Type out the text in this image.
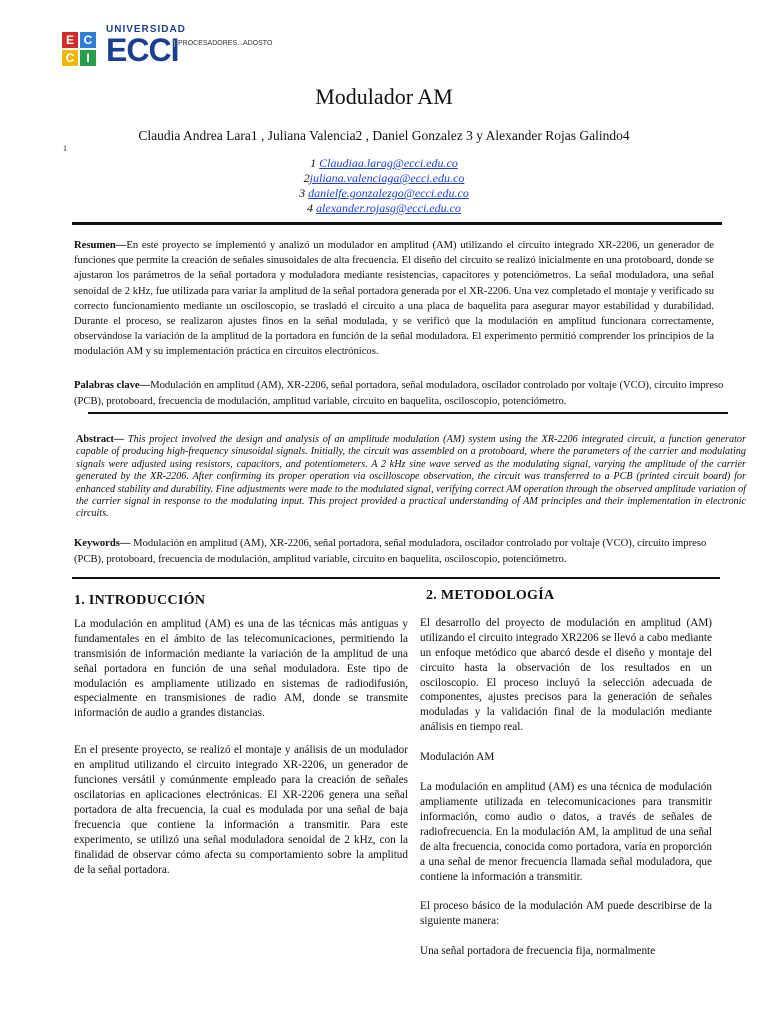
E C
C	I
UNIVERSIDAD
ECCI PROCESADORES...ADOSTO
Modulador AM
Claudia Andrea Lara1 , Juliana Valencia2 , Daniel Gonzalez 3 y Alexander Rojas Galindo4
1
1 Claudiaa.larag@ecci.edu.co
2juliana.valenciaga@ecci.edu.co
3 danielfe.gonzalezgo@ecci.edu.co
4 alexander.rojasg@ecci.edu.co
Resumen—En este proyecto se implementó y analizó un modulador en amplitud (AM) utilizando el circuito integrado XR-2206, un generador de funciones que permite la creación de señales sinusoidales de alta frecuencia. El diseño del circuito se realizó inicialmente en una protoboard, donde se ajustaron los parámetros de la señal portadora y moduladora mediante resistencias, capacitores y potenciómetros. La señal moduladora, una señal senoidal de 2 kHz, fue utilizada para variar la amplitud de la señal portadora generada por el XR-2206. Una vez completado el montaje y verificado su correcto funcionamiento mediante un osciloscopio, se trasladó el circuito a una placa de baquelita para asegurar mayor estabilidad y durabilidad. Durante el proceso, se realizaron ajustes finos en la señal modulada, y se verificó que la modulación en amplitud funcionara correctamente, observándose la variación de la amplitud de la portadora en función de la señal moduladora. El experimento permitió comprender los principios de la modulación AM y su implementación práctica en circuitos electrónicos.
Palabras clave—Modulación en amplitud (AM), XR-2206, señal portadora, señal moduladora, oscilador controlado por voltaje (VCO), circuito impreso (PCB), protoboard, frecuencia de modulación, amplitud variable, circuito en baquelita, osciloscopio, potenciómetro.
Abstract— This project involved the design and analysis of an amplitude modulation (AM) system using the XR-2206 integrated circuit, a function generator capable of producing high-frequency sinusoidal signals. Initially, the circuit was assembled on a protoboard, where the parameters of the carrier and modulating signals were adjusted using resistors, capacitors, and potentiometers. A 2 kHz sine wave served as the modulating signal, varying the amplitude of the carrier generated by the XR-2206. After confirming its proper operation via oscilloscope observation, the circuit was transferred to a PCB (printed circuit board) for enhanced stability and durability. Fine adjustments were made to the modulated signal, verifying correct AM operation through the observed amplitude variation of the carrier signal in response to the modulating input. This project provided a practical understanding of AM principles and their implementation in electronic circuits.
Keywords— Modulación en amplitud (AM), XR-2206, señal portadora, señal moduladora, oscilador controlado por voltaje (VCO), circuito impreso (PCB), protoboard, frecuencia de modulación, amplitud variable, circuito en baquelita, osciloscopio, potenciómetro.
1. INTRODUCCIÓN

La modulación en amplitud (AM) es una de las técnicas más antiguas y fundamentales en el ámbito de las telecomunicaciones, permitiendo la transmisión de información mediante la variación de la amplitud de una señal portadora en función de una señal moduladora. Este tipo de modulación es ampliamente utilizado en sistemas de radiodifusión, especialmente en transmisiones de radio AM, donde se transmite información de audio a grandes distancias.

En el presente proyecto, se realizó el montaje y análisis de un modulador en amplitud utilizando el circuito integrado XR-2206, un generador de funciones versátil y comúnmente empleado para la creación de señales oscilatorias en aplicaciones electrónicas. El XR-2206 genera una señal portadora de alta frecuencia, la cual es modulada por una señal de baja frecuencia que contiene la información a transmitir. Para este experimento, se utilizó una señal moduladora senoidal de 2 kHz, con la finalidad de observar cómo afecta su comportamiento sobre la amplitud de la señal portadora.

2. METODOLOGÍA

El desarrollo del proyecto de modulación en amplitud (AM) utilizando el circuito integrado XR2206 se llevó a cabo mediante un enfoque metódico que abarcó desde el diseño y montaje del circuito hasta la observación de los resultados en un osciloscopio. El proceso incluyó la selección adecuada de componentes, ajustes precisos para la generación de señales moduladas y la validación final de la modulación mediante análisis en tiempo real.

Modulación AM

La modulación en amplitud (AM) es una técnica de modulación ampliamente utilizada en telecomunicaciones para transmitir información, como audio o datos, a través de señales de radiofrecuencia. En la modulación AM, la amplitud de una señal de alta frecuencia, conocida como portadora, varía en proporción a una señal de menor frecuencia llamada señal moduladora, que contiene la información a transmitir.

El proceso básico de la modulación AM puede describirse de la siguiente manera:

Una señal portadora de frecuencia fija, normalmente
